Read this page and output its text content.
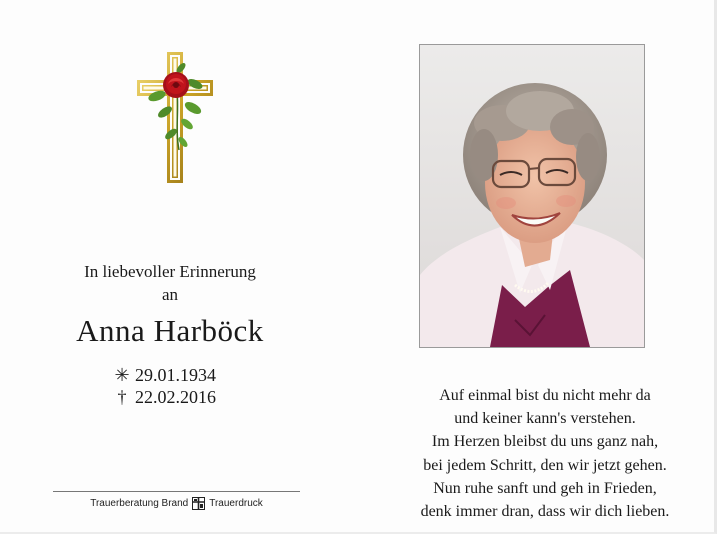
In liebevoller Erinnerung
an
Anna Harböck
✳ 29.01.1934
† 22.02.2016
Trauerberatung Brand Trauerdruck
Auf einmal bist du nicht mehr da
und keiner kann's verstehen.
Im Herzen bleibst du uns ganz nah,
bei jedem Schritt, den wir jetzt gehen.
Nun ruhe sanft und geh in Frieden,
denk immer dran, dass wir dich lieben.
